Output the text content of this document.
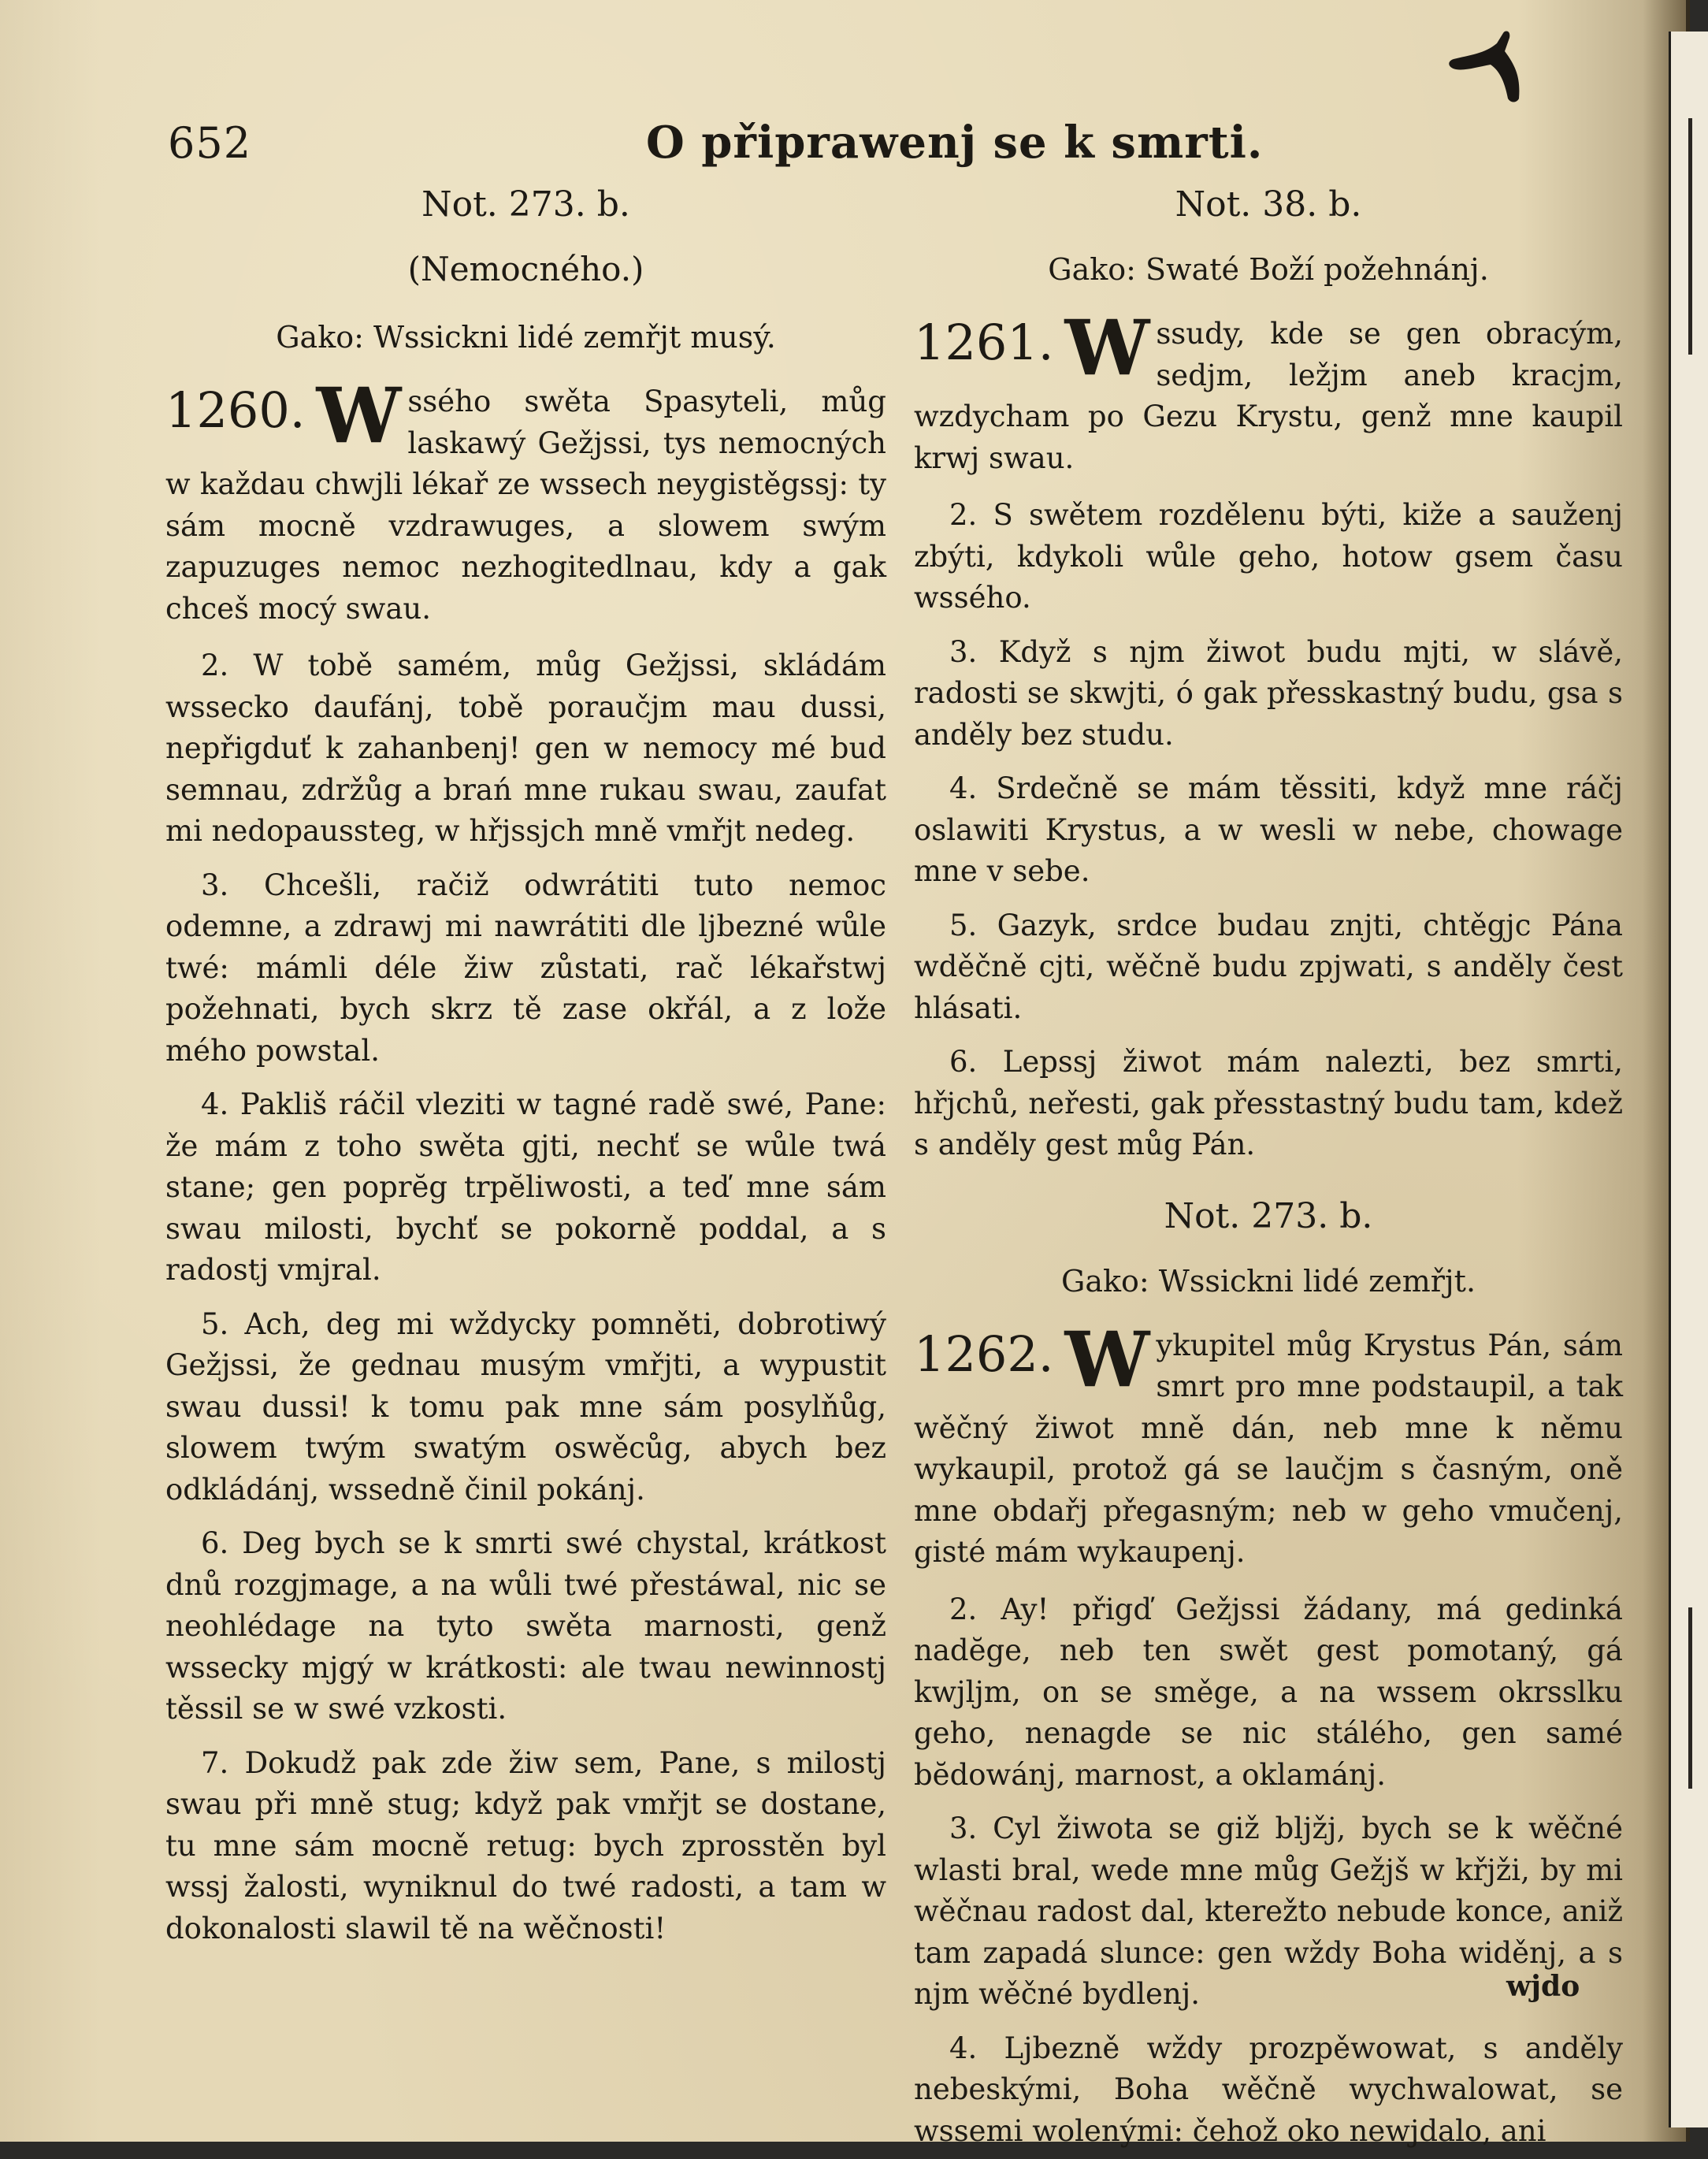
652	O připrawenj se k smrti.

Not. 273. b.

(Nemocného.)

Gako: Wssickni lidé zemřjt musý.

1260. W ssého swěta Spasyteli, můg laskawý Gežjssi, tys nemocných w každau chwjli lékař ze wssech neygistěgssj: ty sám mocně vzdrawuges, a slowem swým zapuzuges nemoc nezhogitedlnau, kdy a gak chceš mocý swau.

2. W tobě samém, můg Gežjssi, skládám wsseckо daufánj, tobě poraučjm mau dussi, nepřigduť k zahanbenj! gen w nemocy mé bud semnau, zdržůg a brań mne rukau swau, zaufat mi nedopaussteg, w hřjssjch mně vmřjt nedeg.

3. Chcešli, račiž odwrátiti tuto nemoc odemne, a zdrawj mi nawrátiti dle ljbezné wůle twé: mámli déle žiw zůstati, rač lékařstwj požehnati, bych skrz tě zase okřál, a z lože mého powstal.

4. Pakliš ráčil vleziti w tagné radě swé, Pane: že mám z toho swěta gjti, nechť se wůle twá stane; gen poprĕg trpĕliwosti, a teď mne sám swau milosti, bychť se pokorně poddal, a s radostj vmjral.

5. Ach, deg mi wždycky pomněti, dobrotiwý Gežjssi, že gednau musým vmřjti, a wypustit swau dussi! k tomu pak mne sám posylňůg, slowem twým swatým oswěcůg, abych bez odkládánj, wssedně činil pokánj.

6. Deg bych se k smrti swé chystal, krátkost dnů rozgjmage, a na wůli twé přestáwal, nic se neohlédage na tyto swěta marnosti, genž wssecky mjgý w krátkosti: ale twau newinnostj těssil se w swé vzkosti.

7. Dokudž pak zde žiw sem, Pane, s milostj swau při mně stug; když pak vmřjt se dostane, tu mne sám mocně retug: bych zprosstěn byl wssj žalosti, wyniknul do twé radosti, a tam w dokonalosti slawil tě na wěčnosti!

Not. 38. b.

Gako: Swaté Boží požehnánj.

1261. W ssudy, kde se gen obracým, sedjm, ležjm aneb kracjm, wzdycham po Gezu Krystu, genž mne kaupil krwj swau.

2. S swětem rozdělenu býti, kiže a sauženj zbýti, kdykoli wůle geho, hotow gsem času wssého.

3. Když s njm žiwot budu mjti, w slávě, radosti se skwjti, ó gak přesskastný budu, gsa s anděly bez studu.

4. Srdečně se mám těssiti, když mne ráčj oslawiti Krystus, a w wesli w nebe, chowage mne v sebe.

5. Gazyk, srdce budau znjti, chtěgjc Pána wděčně cjti, wěčně budu zpjwati, s anděly čest hlásati.

6. Lepssj žiwot mám nalezti, bez smrti, hřjchů, neřesti, gak přesstastný budu tam, kdež s anděly gest můg Pán.

Not. 273. b.

Gako: Wssickni lidé zemřjt.

1262. W ykupitel můg Krystus Pán, sám smrt pro mne podstaupil, a tak wěčný žiwot mně dán, neb mne k němu wykaupil, protož gá se laučjm s časným, oně mne obdařj přegasným; neb w geho vmučenj, gisté mám wykaupenj.

2. Ay! přigď Gežjssi žádany, má gedinká nadĕge, neb ten swět gest pomotaný, gá kwjljm, on se směge, a na wssem okrsslku geho, nenagde se nic stálého, gen samé bĕdowánj, marnost, a oklamánj.

3. Cyl žiwota se giž bljžj, bych se k wěčné wlasti bral, wede mne můg Gežjš w křjži, by mi wěčnau radost dal, kterežto nebude konce, aniž tam zapadá slunce: gen wždy Boha widěnj, a s njm wěčné bydlenj.

4. Ljbezně wždy prozpěwowat, s anděly nebeskými, Boha wěčně wychwalowat, se wssemi wolenými: čehož oko newjdalo, ani

wjdo
